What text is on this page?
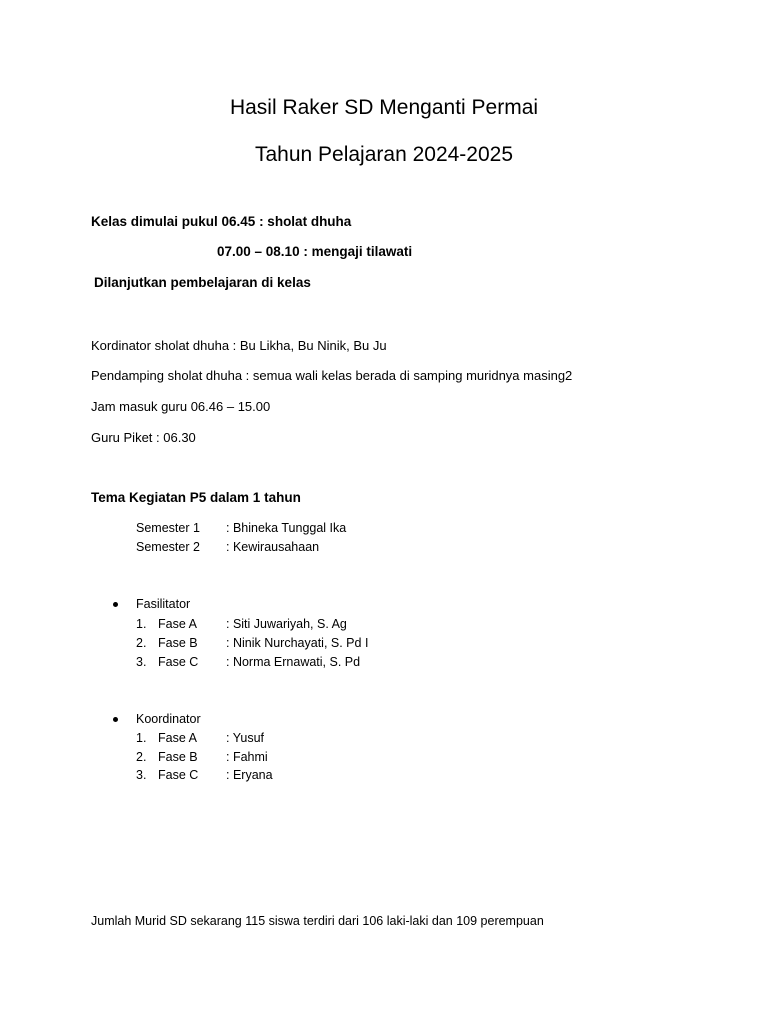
Hasil Raker SD Menganti Permai
Tahun Pelajaran 2024-2025
Kelas dimulai pukul 06.45 : sholat dhuha
07.00 – 08.10 : mengaji tilawati
Dilanjutkan pembelajaran di kelas
Kordinator sholat dhuha : Bu Likha, Bu Ninik, Bu Ju
Pendamping sholat dhuha : semua wali kelas berada di samping muridnya masing2
Jam masuk guru 06.46 – 15.00
Guru Piket : 06.30
Tema Kegiatan P5 dalam 1 tahun
Semester 1 : Bhineka Tunggal Ika
Semester 2 : Kewirausahaan
Fasilitator
1. Fase A : Siti Juwariyah, S. Ag
2. Fase B : Ninik Nurchayati, S. Pd I
3. Fase C : Norma Ernawati, S. Pd
Koordinator
1. Fase A : Yusuf
2. Fase B : Fahmi
3. Fase C : Eryana
Jumlah Murid SD sekarang 115 siswa terdiri dari 106 laki-laki dan 109 perempuan
